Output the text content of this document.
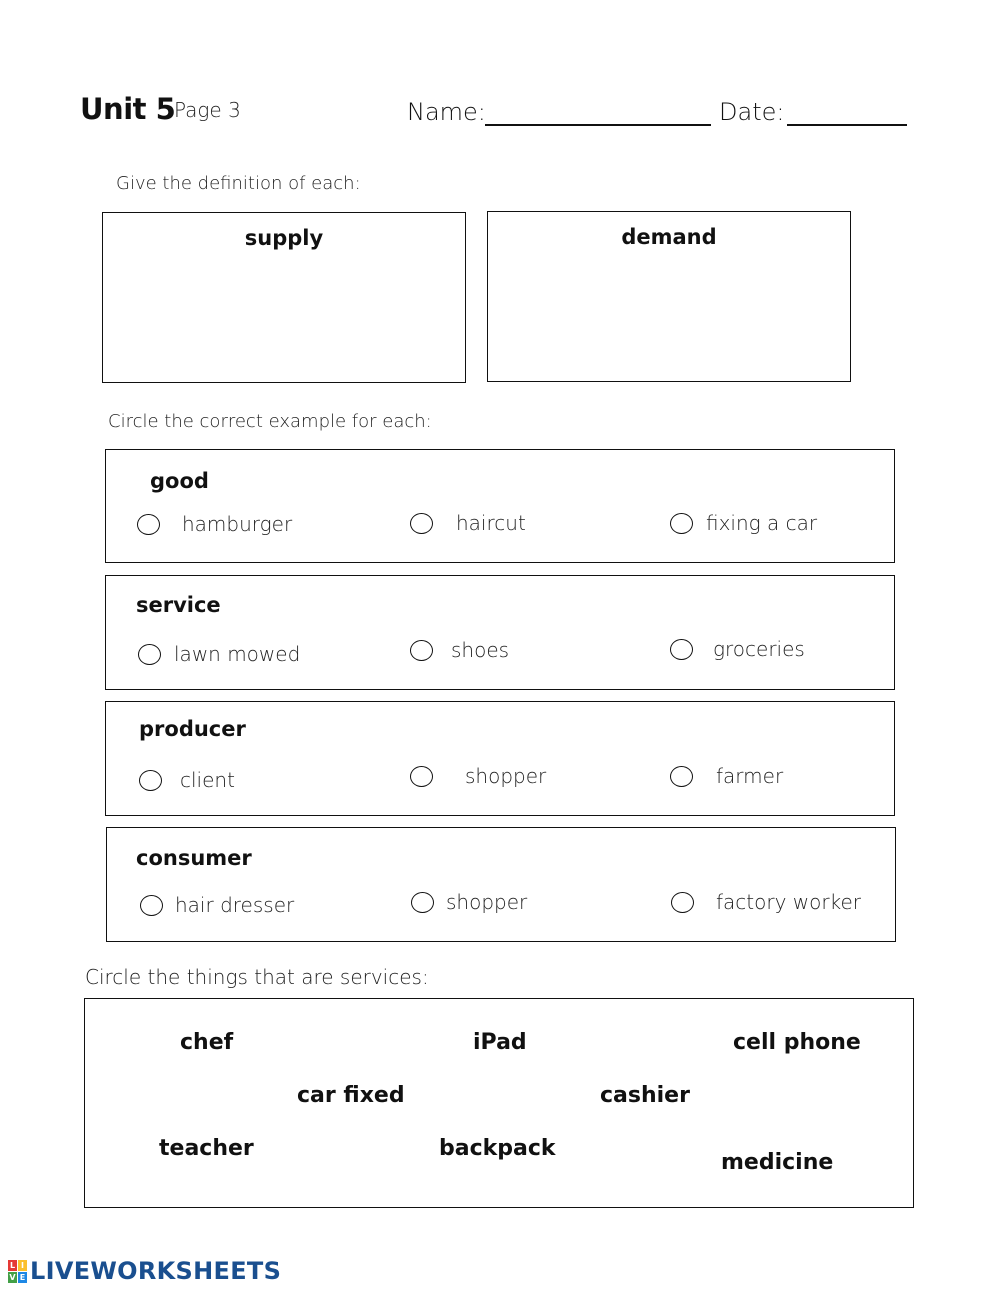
Unit 5
Page 3	Name:	Date:
Give the definition of each:
supply	demand
Circle the correct example for each:
good
hamburger	haircut	fixing a car
service
lawn mowed	shoes	groceries
producer
client	shopper	farmer
consumer
hair dresser	shopper	factory worker
Circle the things that are services:
chef	iPad	cell phone
car fixed	cashier
teacher	backpack
medicine
L I
V E LIVEWORKSHEETS
